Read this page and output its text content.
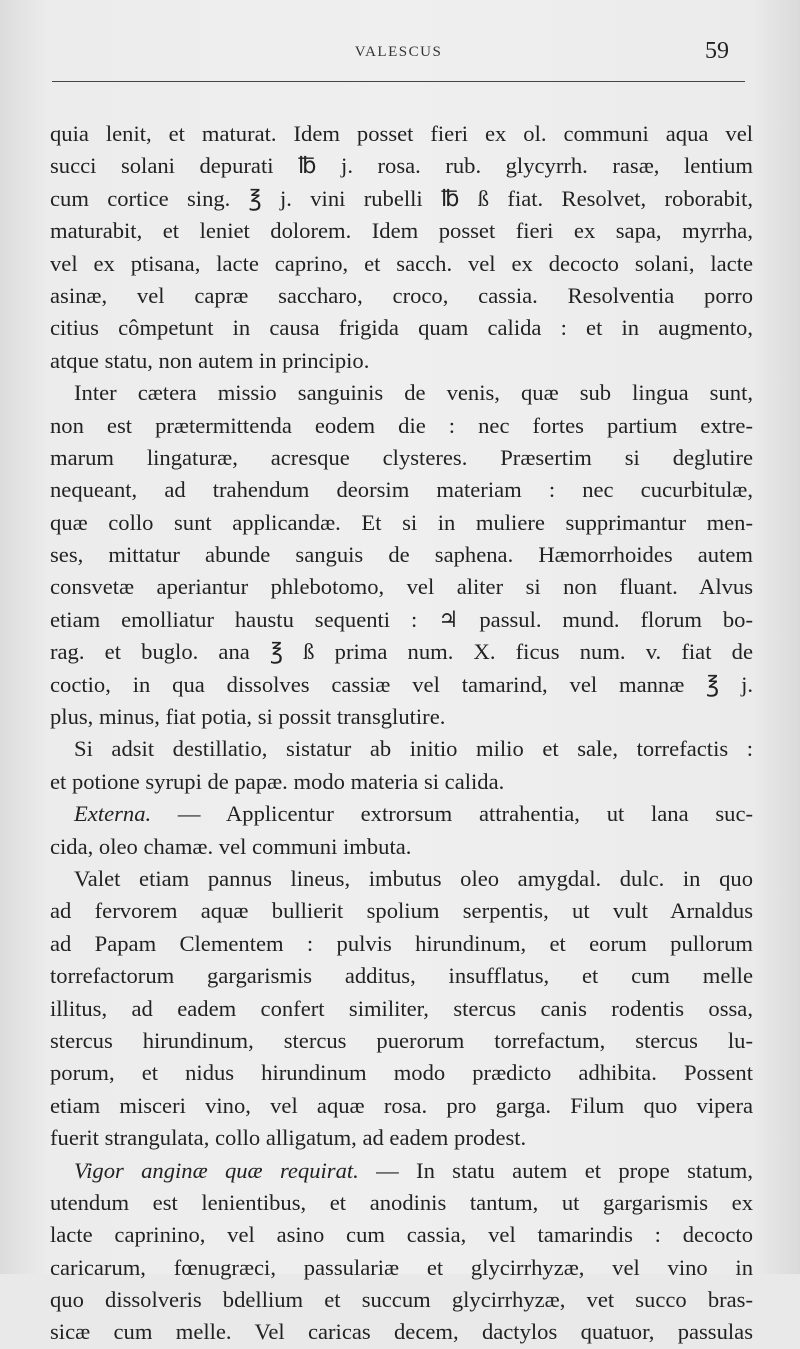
VALESCUS	59

quia lenit, et maturat. Idem posset fieri ex ol. communi aqua vel
succi solani depurati ℔ j. rosa. rub. glycyrrh. rasæ, lentium
cum cortice sing. ℥ j. vini rubelli ℔ ß fiat. Resolvet, roborabit,
maturabit, et leniet dolorem. Idem posset fieri ex sapa, myrrha,
vel ex ptisana, lacte caprino, et sacch. vel ex decocto solani, lacte
asinæ, vel capræ saccharo, croco, cassia. Resolventia porro
citius cômpetunt in causa frigida quam calida : et in augmento,
atque statu, non autem in principio.

Inter cætera missio sanguinis de venis, quæ sub lingua sunt,
non est prætermittenda eodem die : nec fortes partium extre-
marum lingaturæ, acresque clysteres. Præsertim si deglutire
nequeant, ad trahendum deorsim materiam : nec cucurbitulæ,
quæ collo sunt applicandæ. Et si in muliere supprimantur men-
ses, mittatur abunde sanguis de saphena. Hæmorrhoides autem
consvetæ aperiantur phlebotomo, vel aliter si non fluant. Alvus
etiam emolliatur haustu sequenti : ♃ passul. mund. florum bo-
rag. et buglo. ana ℥ ß prima num. X. ficus num. v. fiat de
coctio, in qua dissolves cassiæ vel tamarind, vel mannæ ℥ j.
plus, minus, fiat potia, si possit transglutire.

Si adsit destillatio, sistatur ab initio milio et sale, torrefactis :
et potione syrupi de papæ. modo materia si calida.

Externa. — Applicentur extrorsum attrahentia, ut lana suc-
cida, oleo chamæ. vel communi imbuta.

Valet etiam pannus lineus, imbutus oleo amygdal. dulc. in quo
ad fervorem aquæ bullierit spolium serpentis, ut vult Arnaldus
ad Papam Clementem : pulvis hirundinum, et eorum pullorum
torrefactorum gargarismis additus, insufflatus, et cum melle
illitus, ad eadem confert similiter, stercus canis rodentis ossa,
stercus hirundinum, stercus puerorum torrefactum, stercus lu-
porum, et nidus hirundinum modo prædicto adhibita. Possent
etiam misceri vino, vel aquæ rosa. pro garga. Filum quo vipera
fuerit strangulata, collo alligatum, ad eadem prodest.

Vigor anginæ quæ requirat. — In statu autem et prope statum,
utendum est lenientibus, et anodinis tantum, ut gargarismis ex
lacte caprinino, vel asino cum cassia, vel tamarindis : decocto
caricarum, fœnugræci, passulariæ et glycirrhyzæ, vel vino in
quo dissolveris bdellium et succum glycirrhyzæ, vet succo bras-
sicæ cum melle. Vel caricas decem, dactylos quatuor, passulas
